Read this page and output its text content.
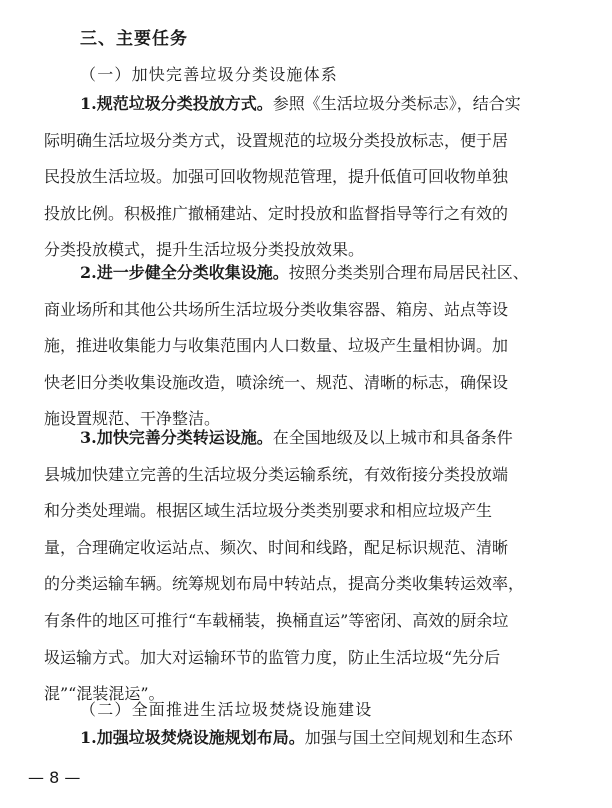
三、主要任务
（一）加快完善垃圾分类设施体系
1.规范垃圾分类投放方式。参照《生活垃圾分类标志》，结合实
际明确生活垃圾分类方式，设置规范的垃圾分类投放标志，便于居
民投放生活垃圾。加强可回收物规范管理，提升低值可回收物单独
投放比例。积极推广撤桶建站、定时投放和监督指导等行之有效的
分类投放模式，提升生活垃圾分类投放效果。
2.进一步健全分类收集设施。按照分类类别合理布局居民社区、
商业场所和其他公共场所生活垃圾分类收集容器、箱房、站点等设
施，推进收集能力与收集范围内人口数量、垃圾产生量相协调。加
快老旧分类收集设施改造，喷涂统一、规范、清晰的标志，确保设
施设置规范、干净整洁。
3.加快完善分类转运设施。在全国地级及以上城市和具备条件
县城加快建立完善的生活垃圾分类运输系统，有效衔接分类投放端
和分类处理端。根据区域生活垃圾分类类别要求和相应垃圾产生
量，合理确定收运站点、频次、时间和线路，配足标识规范、清晰
的分类运输车辆。统筹规划布局中转站点，提高分类收集转运效率，
有条件的地区可推行“车载桶装，换桶直运”等密闭、高效的厨余垃
圾运输方式。加大对运输环节的监管力度，防止生活垃圾“先分后
混”“混装混运”。
（二）全面推进生活垃圾焚烧设施建设
1.加强垃圾焚烧设施规划布局。加强与国土空间规划和生态环
— 8 —
